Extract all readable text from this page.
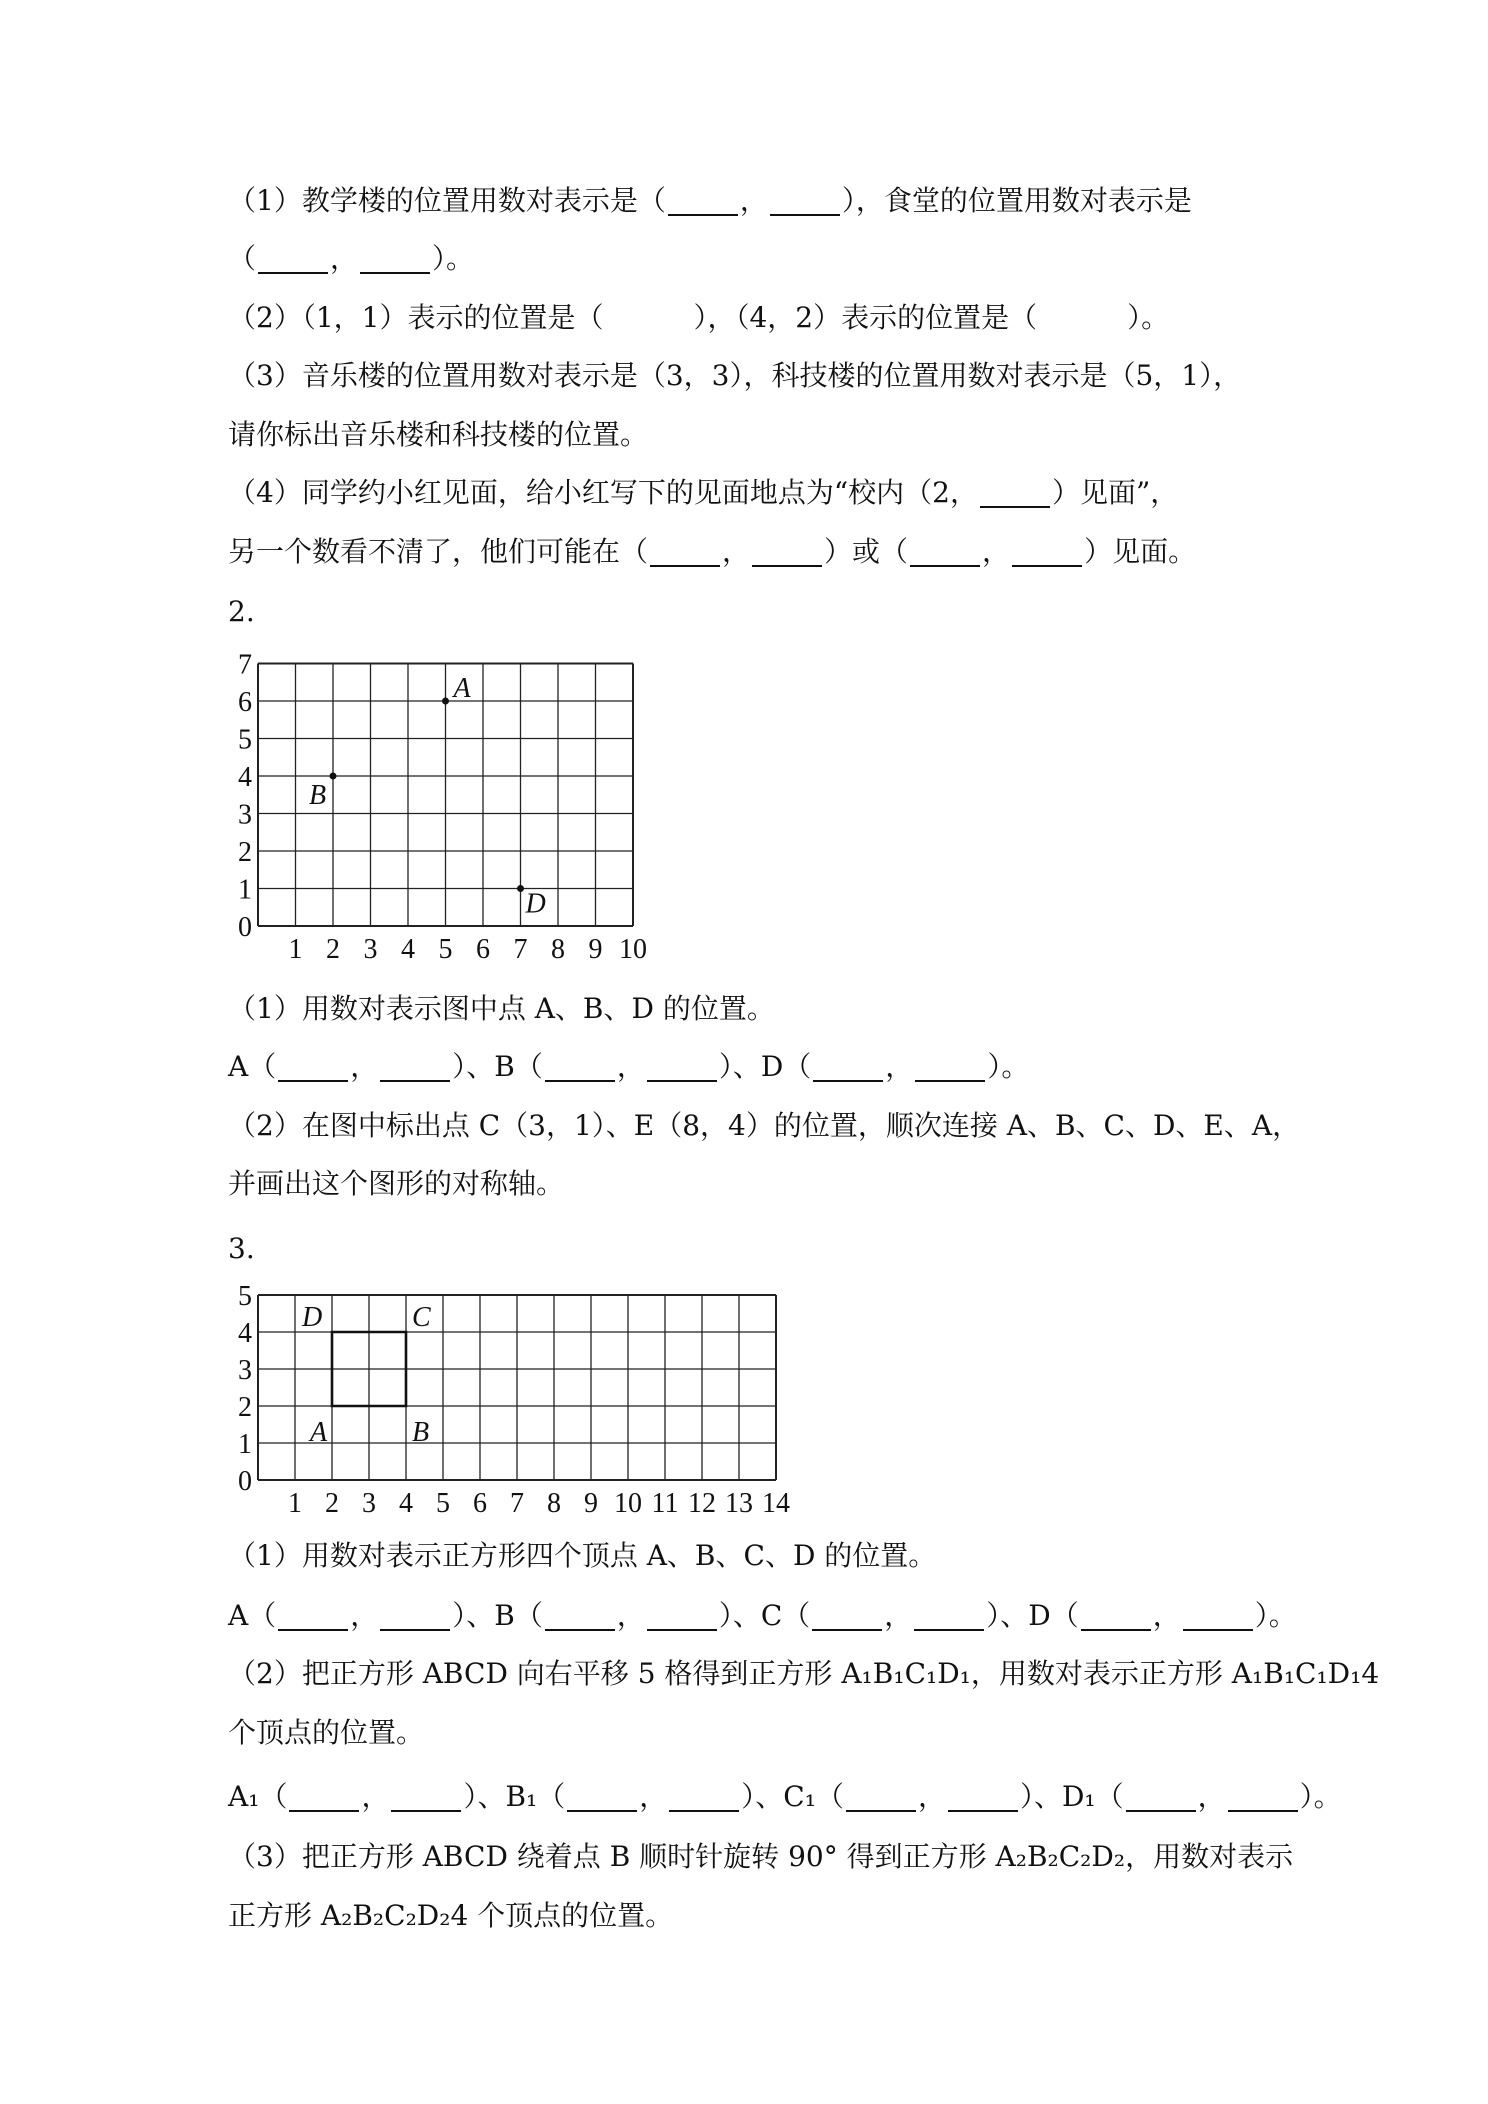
（1）教学楼的位置用数对表示是（	，	），食堂的位置用数对表示是

（	，	）。

（2）（1，1）表示的位置是（	），（4，2）表示的位置是（	）。

（3）音乐楼的位置用数对表示是（3，3），科技楼的位置用数对表示是（5，1），

请你标出音乐楼和科技楼的位置。

（4）同学约小红见面，给小红写下的见面地点为“校内（2，	）见面”，

另一个数看不清了，他们可能在（	，	）或（	，	）见面。

2.

1 2 3 4 5 6 7 8 9 10
0
1
2
3
4
5
6
7
A
B
D

（1）用数对表示图中点 A、B、D 的位置。

A（	，	）、B（	，	）、D（	，	）。

（2）在图中标出点 C（3，1）、E（8，4）的位置，顺次连接 A、B、C、D、E、A，

并画出这个图形的对称轴。

3.

1 2 3 4 5 6 7 8 9 10 11 12 13 14
0
1
2
3
4
5
D	C
A	B

（1）用数对表示正方形四个顶点 A、B、C、D 的位置。

A（	，	）、B（	，	）、C（	，	）、D（	，	）。

（2）把正方形 ABCD 向右平移 5 格得到正方形 A₁B₁C₁D₁，用数对表示正方形 A₁B₁C₁D₁4

个顶点的位置。

A₁（	，	）、B₁（	，	）、C₁（	，	）、D₁（	，	）。

（3）把正方形 ABCD 绕着点 B 顺时针旋转 90° 得到正方形 A₂B₂C₂D₂，用数对表示

正方形 A₂B₂C₂D₂4 个顶点的位置。
